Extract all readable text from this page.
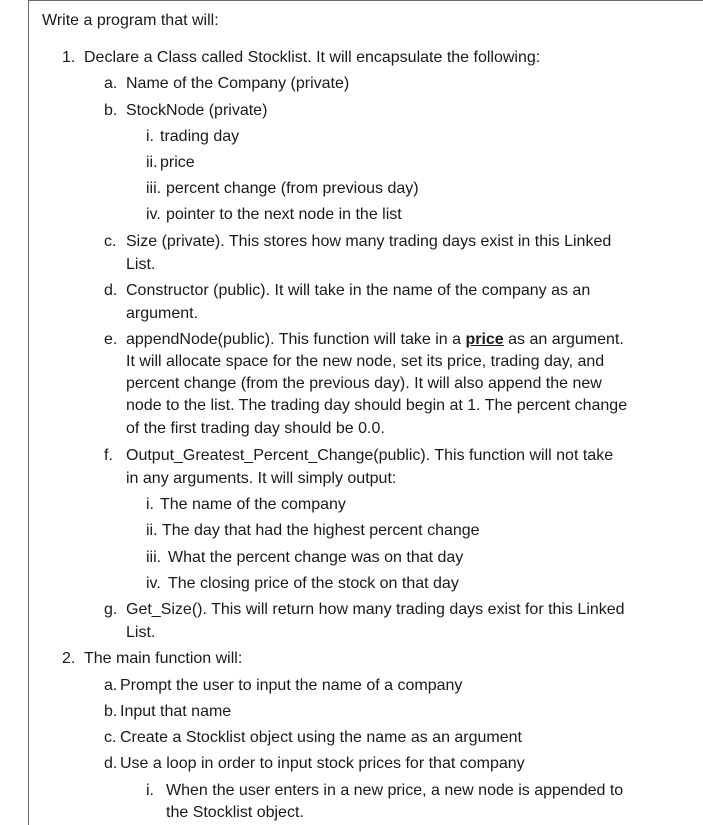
Write a program that will:
1. Declare a Class called Stocklist. It will encapsulate the following:
a. Name of the Company (private)
b. StockNode (private)
i. trading day
ii. price
iii. percent change (from previous day)
iv. pointer to the next node in the list
c. Size (private). This stores how many trading days exist in this Linked
List.
d. Constructor (public). It will take in the name of the company as an
argument.
e. appendNode(public). This function will take in a price as an argument.
It will allocate space for the new node, set its price, trading day, and
percent change (from the previous day). It will also append the new
node to the list. The trading day should begin at 1. The percent change
of the first trading day should be 0.0.
f. Output_Greatest_Percent_Change(public). This function will not take
in any arguments. It will simply output:
i. The name of the company
ii. The day that had the highest percent change
iii. What the percent change was on that day
iv. The closing price of the stock on that day
g. Get_Size(). This will return how many trading days exist for this Linked
List.
2. The main function will:
a. Prompt the user to input the name of a company
b. Input that name
c. Create a Stocklist object using the name as an argument
d. Use a loop in order to input stock prices for that company
i. When the user enters in a new price, a new node is appended to
the Stocklist object.
